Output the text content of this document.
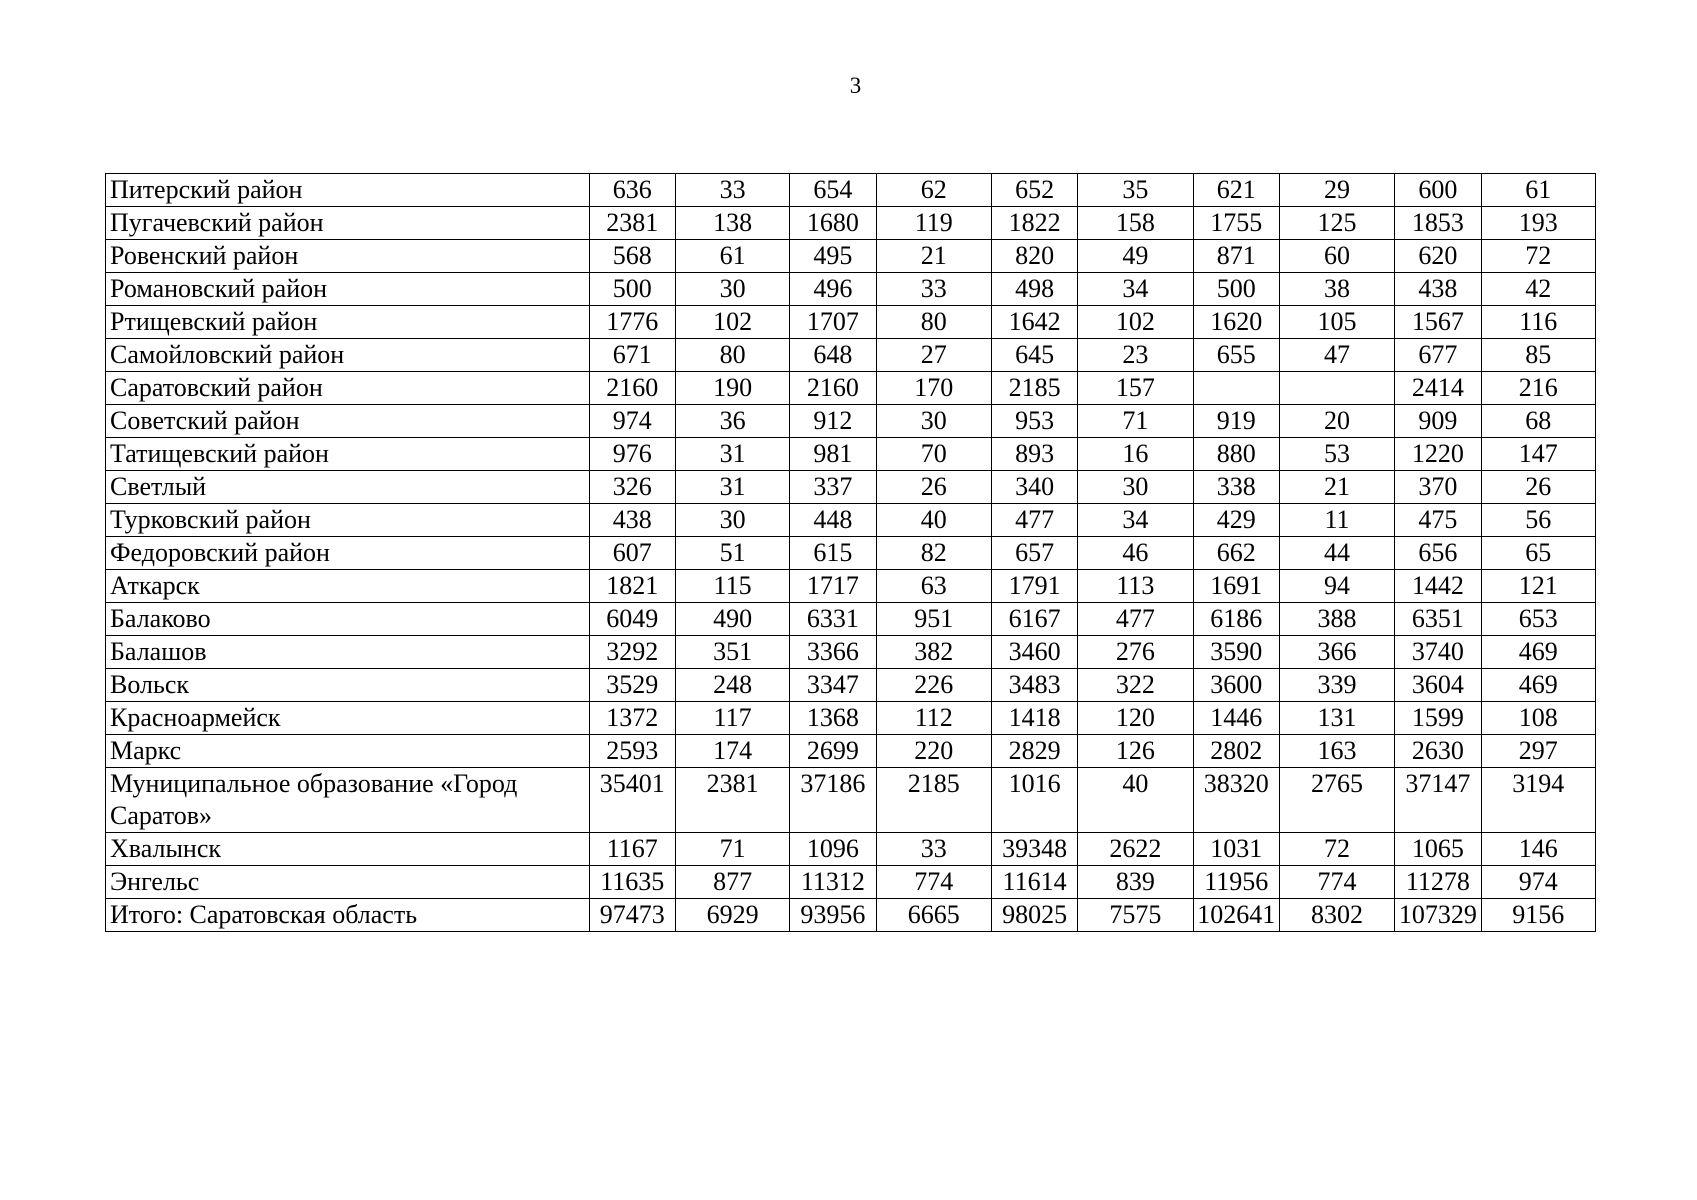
3
Питерский район	636	33	654	62	652	35	621	29	600	61
Пугачевский район	2381	138	1680	119	1822	158	1755	125	1853	193
Ровенский район	568	61	495	21	820	49	871	60	620	72
Романовский район	500	30	496	33	498	34	500	38	438	42
Ртищевский район	1776	102	1707	80	1642	102	1620	105	1567	116
Самойловский район	671	80	648	27	645	23	655	47	677	85
Саратовский район	2160	190	2160	170	2185	157			2414	216
Советский район	974	36	912	30	953	71	919	20	909	68
Татищевский район	976	31	981	70	893	16	880	53	1220	147
Светлый	326	31	337	26	340	30	338	21	370	26
Турковский район	438	30	448	40	477	34	429	11	475	56
Федоровский район	607	51	615	82	657	46	662	44	656	65
Аткарск	1821	115	1717	63	1791	113	1691	94	1442	121
Балаково	6049	490	6331	951	6167	477	6186	388	6351	653
Балашов	3292	351	3366	382	3460	276	3590	366	3740	469
Вольск	3529	248	3347	226	3483	322	3600	339	3604	469
Красноармейск	1372	117	1368	112	1418	120	1446	131	1599	108
Маркс	2593	174	2699	220	2829	126	2802	163	2630	297
Муниципальное образование «Город Саратов»	35401	2381	37186	2185	1016	40	38320	2765	37147	3194
Хвалынск	1167	71	1096	33	39348	2622	1031	72	1065	146
Энгельс	11635	877	11312	774	11614	839	11956	774	11278	974
Итого: Саратовская область	97473	6929	93956	6665	98025	7575	102641	8302	107329	9156
